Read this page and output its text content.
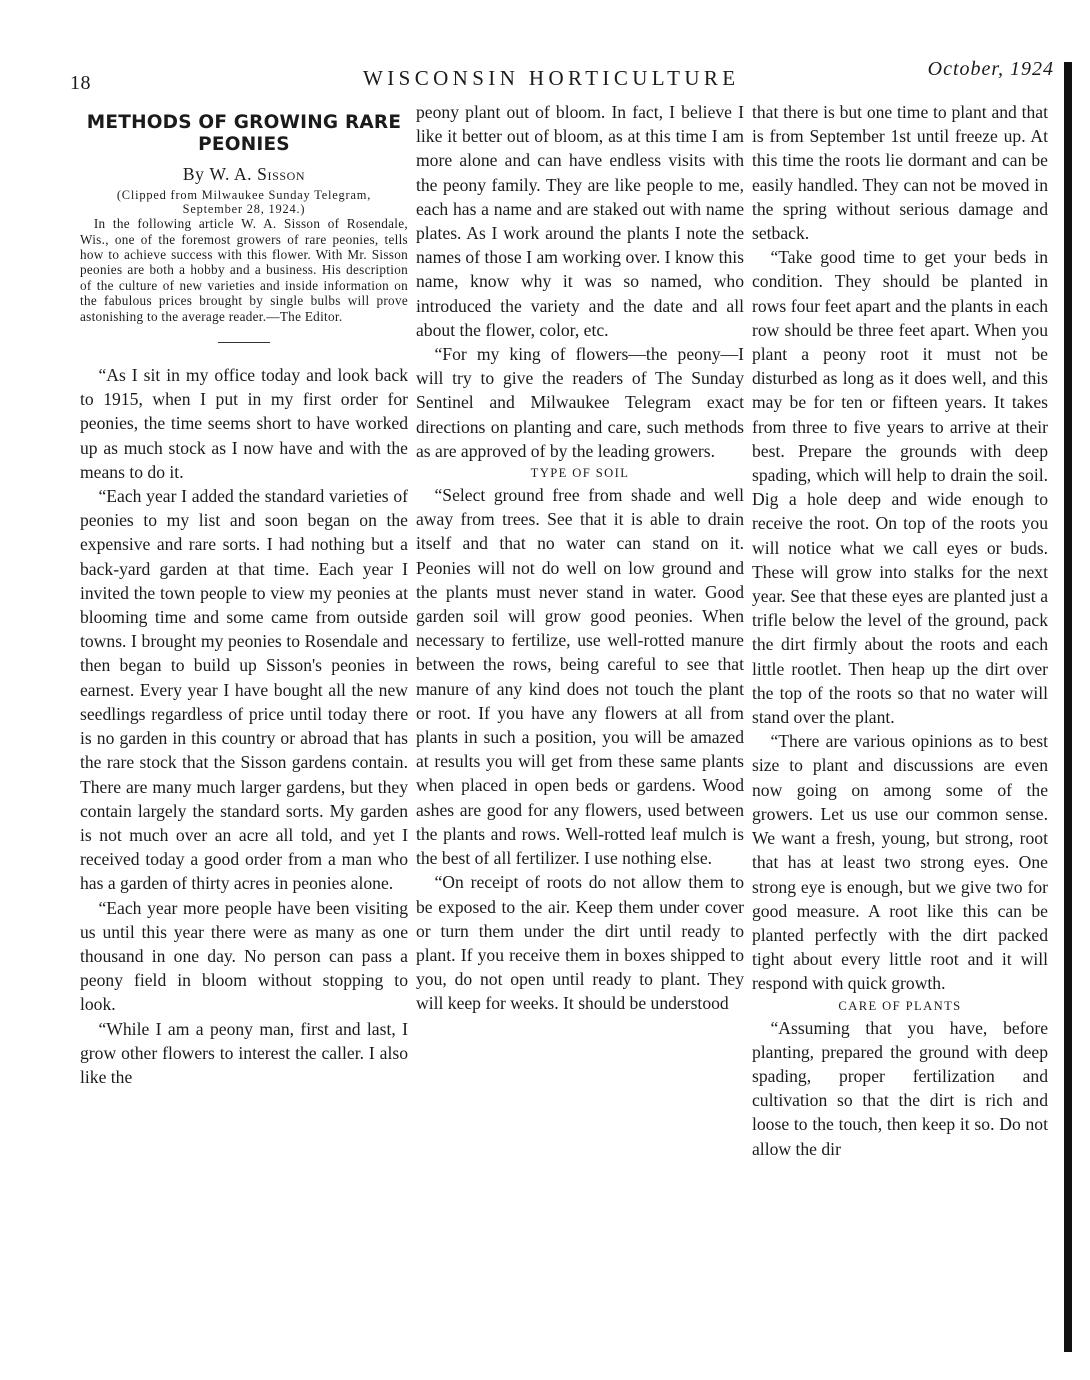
18	WISCONSIN HORTICULTURE	October, 1924
METHODS OF GROWING RARE PEONIES
By W. A. Sisson
(Clipped from Milwaukee Sunday Telegram, September 28, 1924.)

In the following article W. A. Sisson of Rosendale, Wis., one of the foremost growers of rare peonies, tells how to achieve success with this flower. With Mr. Sisson peonies are both a hobby and a business. His description of the culture of new varieties and inside information on the fabulous prices brought by single bulbs will prove astonishing to the average reader.—The Editor.

“As I sit in my office today and look back to 1915, when I put in my first order for peonies, the time seems short to have worked up as much stock as I now have and with the means to do it.

“Each year I added the standard varieties of peonies to my list and soon began on the expensive and rare sorts. I had nothing but a back-yard garden at that time. Each year I invited the town people to view my peonies at blooming time and some came from outside towns. I brought my peonies to Rosendale and then began to build up Sisson's peonies in earnest. Every year I have bought all the new seedlings regardless of price until today there is no garden in this country or abroad that has the rare stock that the Sisson gardens contain. There are many much larger gardens, but they contain largely the standard sorts. My garden is not much over an acre all told, and yet I received today a good order from a man who has a garden of thirty acres in peonies alone.

“Each year more people have been visiting us until this year there were as many as one thousand in one day. No person can pass a peony field in bloom without stopping to look.

“While I am a peony man, first and last, I grow other flowers to interest the caller. I also like the

peony plant out of bloom. In fact, I believe I like it better out of bloom, as at this time I am more alone and can have endless visits with the peony family. They are like people to me, each has a name and are staked out with name plates. As I work around the plants I note the names of those I am working over. I know this name, know why it was so named, who introduced the variety and the date and all about the flower, color, etc.

“For my king of flowers—the peony—I will try to give the readers of The Sunday Sentinel and Milwaukee Telegram exact directions on planting and care, such methods as are approved of by the leading growers.

TYPE OF SOIL

“Select ground free from shade and well away from trees. See that it is able to drain itself and that no water can stand on it. Peonies will not do well on low ground and the plants must never stand in water. Good garden soil will grow good peonies. When necessary to fertilize, use well-rotted manure between the rows, being careful to see that manure of any kind does not touch the plant or root. If you have any flowers at all from plants in such a position, you will be amazed at results you will get from these same plants when placed in open beds or gardens. Wood ashes are good for any flowers, used between the plants and rows. Well-rotted leaf mulch is the best of all fertilizer. I use nothing else.

“On receipt of roots do not allow them to be exposed to the air. Keep them under cover or turn them under the dirt until ready to plant. If you receive them in boxes shipped to you, do not open until ready to plant. They will keep for weeks. It should be understood

that there is but one time to plant and that is from September 1st until freeze up. At this time the roots lie dormant and can be easily handled. They can not be moved in the spring without serious damage and setback.

“Take good time to get your beds in condition. They should be planted in rows four feet apart and the plants in each row should be three feet apart. When you plant a peony root it must not be disturbed as long as it does well, and this may be for ten or fifteen years. It takes from three to five years to arrive at their best. Prepare the grounds with deep spading, which will help to drain the soil. Dig a hole deep and wide enough to receive the root. On top of the roots you will notice what we call eyes or buds. These will grow into stalks for the next year. See that these eyes are planted just a trifle below the level of the ground, pack the dirt firmly about the roots and each little rootlet. Then heap up the dirt over the top of the roots so that no water will stand over the plant.

“There are various opinions as to best size to plant and discussions are even now going on among some of the growers. Let us use our common sense. We want a fresh, young, but strong, root that has at least two strong eyes. One strong eye is enough, but we give two for good measure. A root like this can be planted perfectly with the dirt packed tight about every little root and it will respond with quick growth.

CARE OF PLANTS

“Assuming that you have, before planting, prepared the ground with deep spading, proper fertilization and cultivation so that the dirt is rich and loose to the touch, then keep it so. Do not allow the dir
